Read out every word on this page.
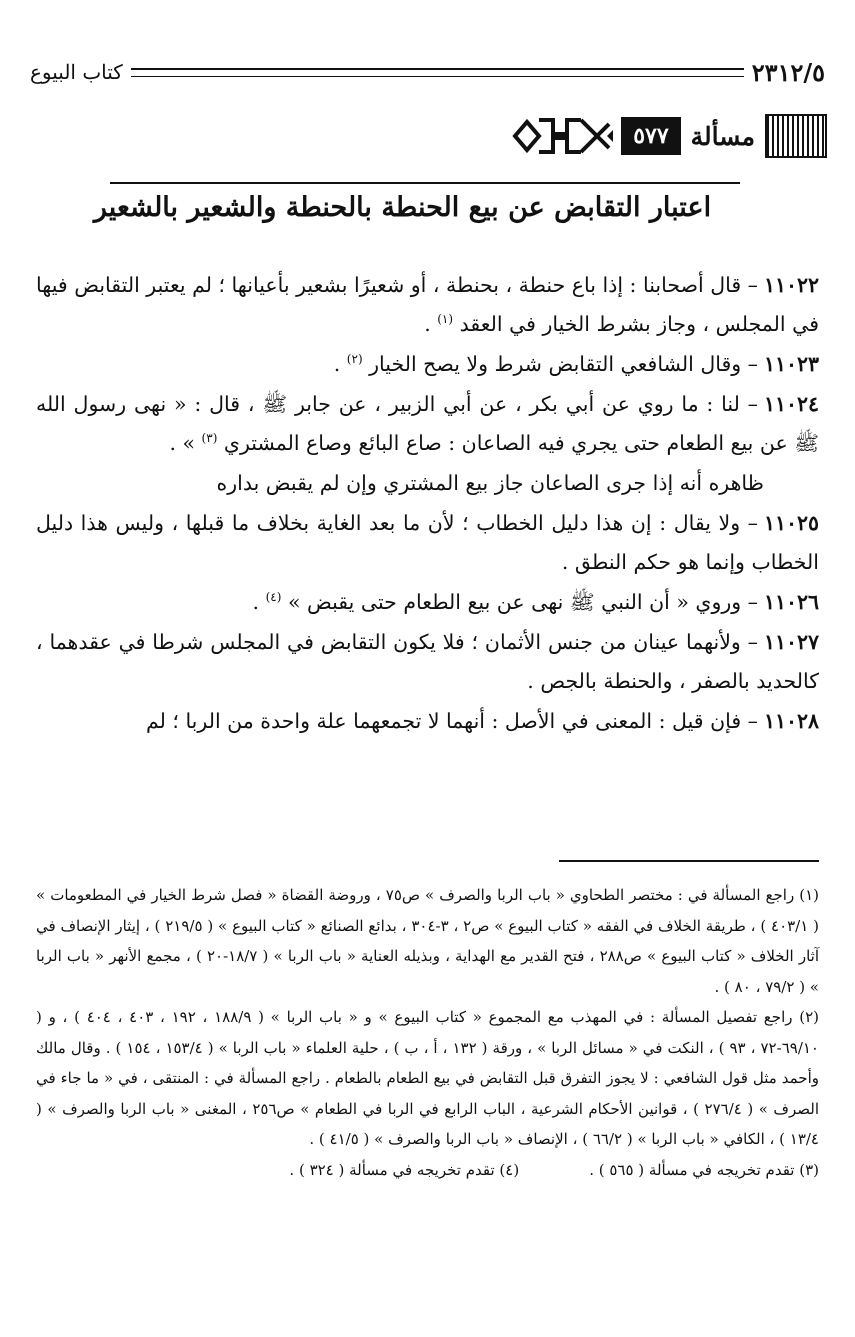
٢٣١٢/٥
كتاب البيوع
مسألة
٥٧٧
اعتبار التقابض عن بيع الحنطة بالحنطة والشعير بالشعير

١١٠٢٢– قال أصحابنا : إذا باع حنطة ، بحنطة ، أو شعيرًا بشعير بأعيانها ؛ لم يعتبر التقابض فيها في المجلس ، وجاز بشرط الخيار في العقد $^{(١)}$ .

١١٠٢٣– وقال الشافعي التقابض شرط ولا يصح الخيار $^{(٢)}$ .

١١٠٢٤– لنا : ما روي عن أبي بكر ، عن أبي الزبير ، عن جابر ﷺ ، قال : « نهى رسول الله ﷺ عن بيع الطعام حتى يجري فيه الصاعان : صاع البائع وصاع المشتري $^{(٣)}$ » .

ظاهره أنه إذا جرى الصاعان جاز بيع المشتري وإن لم يقبض بداره

١١٠٢٥– ولا يقال : إن هذا دليل الخطاب ؛ لأن ما بعد الغاية بخلاف ما قبلها ، وليس هذا دليل الخطاب وإنما هو حكم النطق .

١١٠٢٦– وروي « أن النبي ﷺ نهى عن بيع الطعام حتى يقبض » $^{(٤)}$ .

١١٠٢٧– ولأنهما عينان من جنس الأثمان ؛ فلا يكون التقابض في المجلس شرطا في عقدهما ، كالحديد بالصفر ، والحنطة بالجص .

١١٠٢٨– فإن قيل : المعنى في الأصل : أنهما لا تجمعهما علة واحدة من الربا ؛ لم

(١) راجع المسألة في : مختصر الطحاوي « باب الربا والصرف » ص٧٥ ، وروضة القضاة « فصل شرط الخيار في المطعومات » ( ٤٠٣/١ ) ، طريقة الخلاف في الفقه « كتاب البيوع » ص٢ ، ٣-٣٠٤ ، بدائع الصنائع « كتاب البيوع » ( ٢١٩/٥ ) ، إيثار الإنصاف في آثار الخلاف « كتاب البيوع » ص٢٨٨ ، فتح القدير مع الهداية ، وبذيله العناية « باب الربا » ( ١٨/٧-٢٠ ) ، مجمع الأنهر « باب الربا » ( ٧٩/٢ ، ٨٠ ) .

(٢) راجع تفصيل المسألة : في المهذب مع المجموع « كتاب البيوع » و « باب الربا » ( ١٨٨/٩ ، ١٩٢ ، ٤٠٣ ، ٤٠٤ ) ، و ( ٦٩/١٠-٧٢ ، ٩٣ ) ، النكت في « مسائل الربا » ، ورقة ( ١٣٢ ، أ ، ب ) ، حلية العلماء « باب الربا » ( ١٥٣/٤ ، ١٥٤ ) . وقال مالك وأحمد مثل قول الشافعي : لا يجوز التفرق قبل التقابض في بيع الطعام بالطعام . راجع المسألة في : المنتقى ، في « ما جاء في الصرف » ( ٢٧٦/٤ ) ، قوانين الأحكام الشرعية ، الباب الرابع في الربا في الطعام » ص٢٥٦ ، المغنى « باب الربا والصرف » ( ١٣/٤ ) ، الكافي « باب الربا » ( ٦٦/٢ ) ، الإنصاف « باب الربا والصرف » ( ٤١/٥ ) .

(٣) تقدم تخريجه في مسألة ( ٥٦٥ ) .
(٤) تقدم تخريجه في مسألة ( ٣٢٤ ) .
